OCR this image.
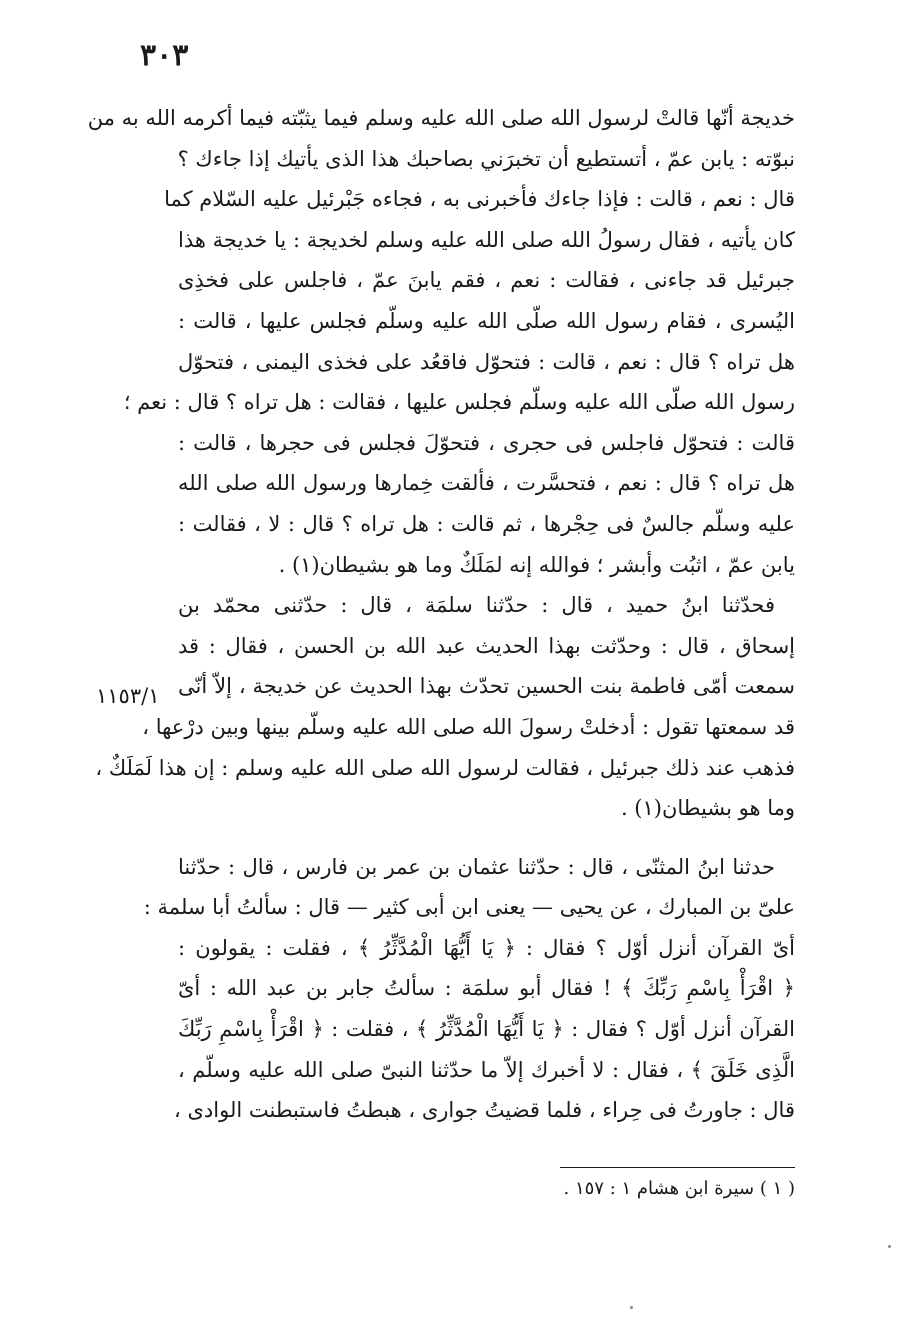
٣٠٣
١١٥٣/١
خديجة أنّها قالتْ لرسول الله صلى الله عليه وسلم فيما يثبّته فيما أكرمه الله به من
نبوّته : يابن عمّ ، أتستطيع أن تخبرَني بصاحبك هذا الذى يأتيك إذا جاءك ؟
قال : نعم ، قالت : فإذا جاءك فأخبرنى به ، فجاءه جَبْرئيل عليه السّلام كما
كان يأتيه ، فقال رسولُ الله صلى الله عليه وسلم لخديجة : يا خديجة هذا
جبرئيل قد جاءنى ، فقالت : نعم ، فقم يابنَ عمّ ، فاجلس على فخذِى
اليُسرى ، فقام رسول الله صلّى الله عليه وسلّم فجلس عليها ، قالت :
هل تراه ؟ قال : نعم ، قالت : فتحوّل فاقعُد على فخذى اليمنى ، فتحوّل
رسول الله صلّى الله عليه وسلّم فجلس عليها ، فقالت : هل تراه ؟ قال : نعم ؛
قالت : فتحوّل فاجلس فى حجرى ، فتحوّلَ فجلس فى حجرها ، قالت :
هل تراه ؟ قال : نعم ، فتحسَّرت ، فألقت خِمارها ورسول الله صلى الله
عليه وسلّم جالسٌ فى حِجْرها ، ثم قالت : هل تراه ؟ قال : لا ، فقالت :
يابن عمّ ، اثبُت وأبشر ؛ فوالله إنه لمَلَكٌ وما هو بشيطان(١) .
فحدّثنا ابنُ حميد ، قال : حدّثنا سلمَة ، قال : حدّثنى محمّد بن
إسحاق ، قال : وحدّثت بهذا الحديث عبد الله بن الحسن ، فقال : قد
سمعت أمّى فاطمة بنت الحسين تحدّث بهذا الحديث عن خديجة ، إلاّ أنّى
قد سمعتها تقول : أدخلتْ رسولَ الله صلى الله عليه وسلّم بينها وبين درْعها ،
فذهب عند ذلك جبرئيل ، فقالت لرسول الله صلى الله عليه وسلم : إن هذا لَمَلَكٌ ،
وما هو بشيطان(١) .
حدثنا ابنُ المثنّى ، قال : حدّثنا عثمان بن عمر بن فارس ، قال : حدّثنا
علىّ بن المبارك ، عن يحيى — يعنى ابن أبى كثير — قال : سألتُ أبا سلمة :
أىّ القرآن أنزل أوّل ؟ فقال : ﴿ يَا أَيُّهَا الْمُدَّثِّرُ ﴾ ، فقلت : يقولون :
﴿ اقْرَأْ بِاسْمِ رَبِّكَ ﴾ ! فقال أبو سلمَة : سألتُ جابر بن عبد الله : أىّ
القرآن أنزل أوّل ؟ فقال : ﴿ يَا أَيُّهَا الْمُدَّثِّرُ ﴾ ، فقلت : ﴿ اقْرَأْ بِاسْمِ رَبِّكَ
الَّذِى خَلَقَ ﴾ ، فقال : لا أخبرك إلاّ ما حدّثنا النبىّ صلى الله عليه وسلّم ،
قال : جاورتُ فى حِراء ، فلما قضيتُ جوارى ، هبطتُ فاستبطنت الوادى ،
( ١ ) سيرة ابن هشام ١ : ١٥٧ .
